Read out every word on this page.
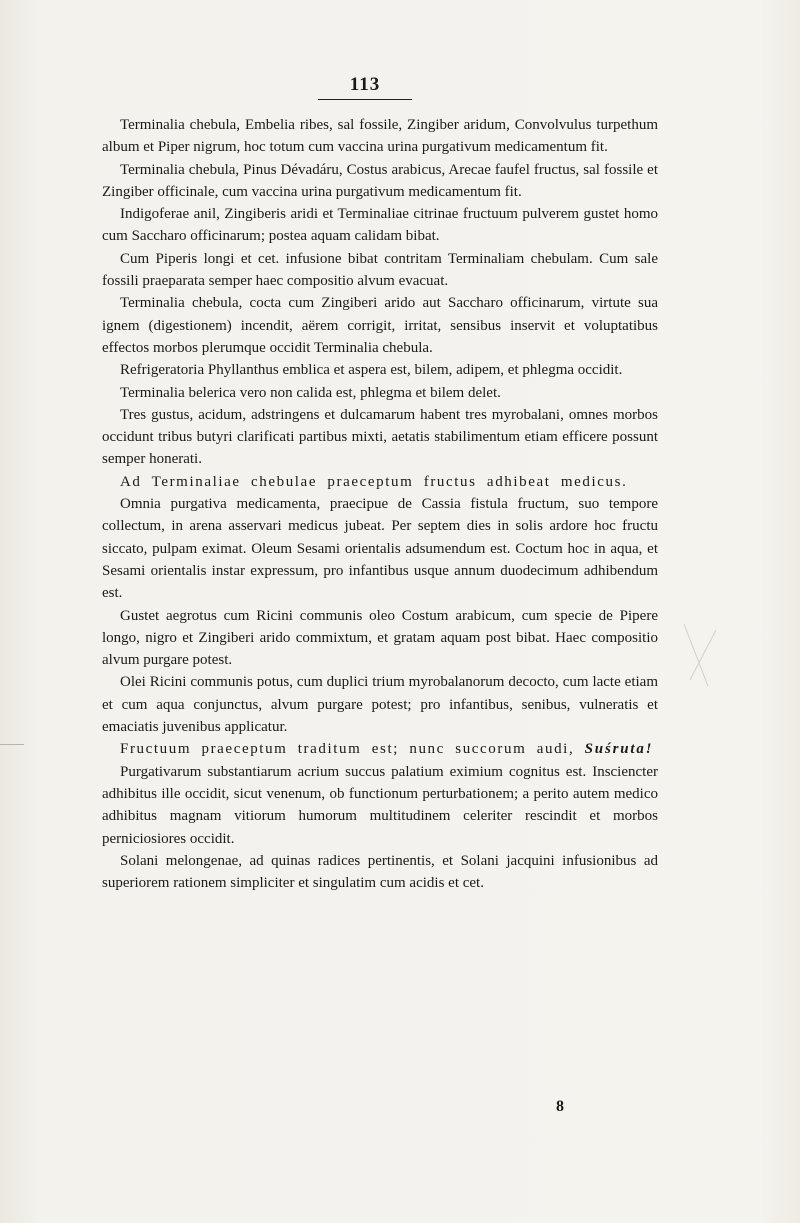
113

Terminalia chebula, Embelia ribes, sal fossile, Zingiber aridum, Convolvulus turpethum album et Piper nigrum, hoc totum cum vaccina urina purgativum medicamentum fit.

Terminalia chebula, Pinus Dévadáru, Costus arabicus, Arecae faufel fructus, sal fossile et Zingiber officinale, cum vaccina urina purgativum medicamentum fit.

Indigoferae anil, Zingiberis aridi et Terminaliae citrinae fructuum pulverem gustet homo cum Saccharo officinarum; postea aquam calidam bibat.

Cum Piperis longi et cet. infusione bibat contritam Terminaliam chebulam. Cum sale fossili praeparata semper haec compositio alvum evacuat.

Terminalia chebula, cocta cum Zingiberi arido aut Saccharo officinarum, virtute sua ignem (digestionem) incendit, aërem corrigit, irritat, sensibus inservit et voluptatibus effectos morbos plerumque occidit Terminalia chebula.

Refrigeratoria Phyllanthus emblica et aspera est, bilem, adipem, et phlegma occidit.

Terminalia belerica vero non calida est, phlegma et bilem delet.

Tres gustus, acidum, adstringens et dulcamarum habent tres myrobalani, omnes morbos occidunt tribus butyri clarificati partibus mixti, aetatis stabilimentum etiam efficere possunt semper honerati.

Ad Terminaliae chebulae praeceptum fructus adhibeat medicus.

Omnia purgativa medicamenta, praecipue de Cassia fistula fructum, suo tempore collectum, in arena asservari medicus jubeat. Per septem dies in solis ardore hoc fructu siccato, pulpam eximat. Oleum Sesami orientalis adsumendum est. Coctum hoc in aqua, et Sesami orientalis instar expressum, pro infantibus usque annum duodecimum adhibendum est.

Gustet aegrotus cum Ricini communis oleo Costum arabicum, cum specie de Pipere longo, nigro et Zingiberi arido commixtum, et gratam aquam post bibat. Haec compositio alvum purgare potest.

Olei Ricini communis potus, cum duplici trium myrobalanorum decocto, cum lacte etiam et cum aqua conjunctus, alvum purgare potest; pro infantibus, senibus, vulneratis et emaciatis juvenibus applicatur.

Fructuum praeceptum traditum est; nunc succorum audi, Suśruta!

Purgativarum substantiarum acrium succus palatium eximium cognitus est. Insciencter adhibitus ille occidit, sicut venenum, ob functionum perturbationem; a perito autem medico adhibitus magnam vitiorum humorum multitudinem celeriter rescindit et morbos perniciosiores occidit.

Solani melongenae, ad quinas radices pertinentis, et Solani jacquini infusionibus ad superiorem rationem simpliciter et singulatim cum acidis et cet.

8
